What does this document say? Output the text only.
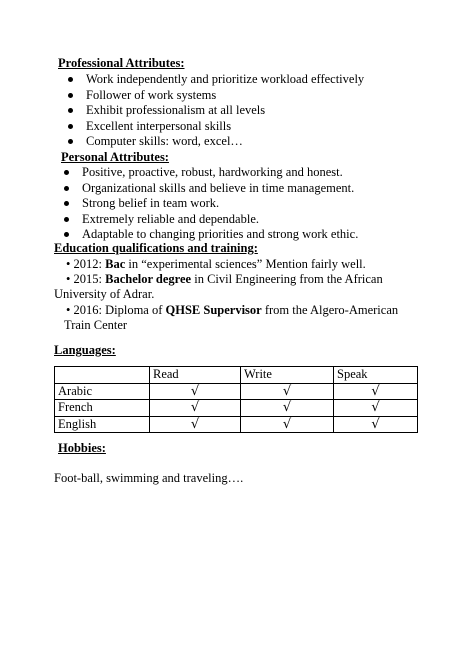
Professional Attributes:
Work independently and prioritize workload effectively
Follower of work systems
Exhibit professionalism at all levels
Excellent interpersonal skills
Computer skills: word, excel…
Personal Attributes:
Positive, proactive, robust, hardworking and honest.
Organizational skills and believe in time management.
Strong belief in team work.
Extremely reliable and dependable.
Adaptable to changing priorities and strong work ethic.
Education qualifications and training:
• 2012: Bac in “experimental sciences” Mention fairly well.
• 2015: Bachelor degree in Civil Engineering from the African
University of Adrar.
• 2016: Diploma of QHSE Supervisor from the Algero-American
Train Center
Languages:
	Read	Write	Speak
Arabic	√	√	√
French	√	√	√
English	√	√	√
Hobbies:
Foot-ball, swimming and traveling….
